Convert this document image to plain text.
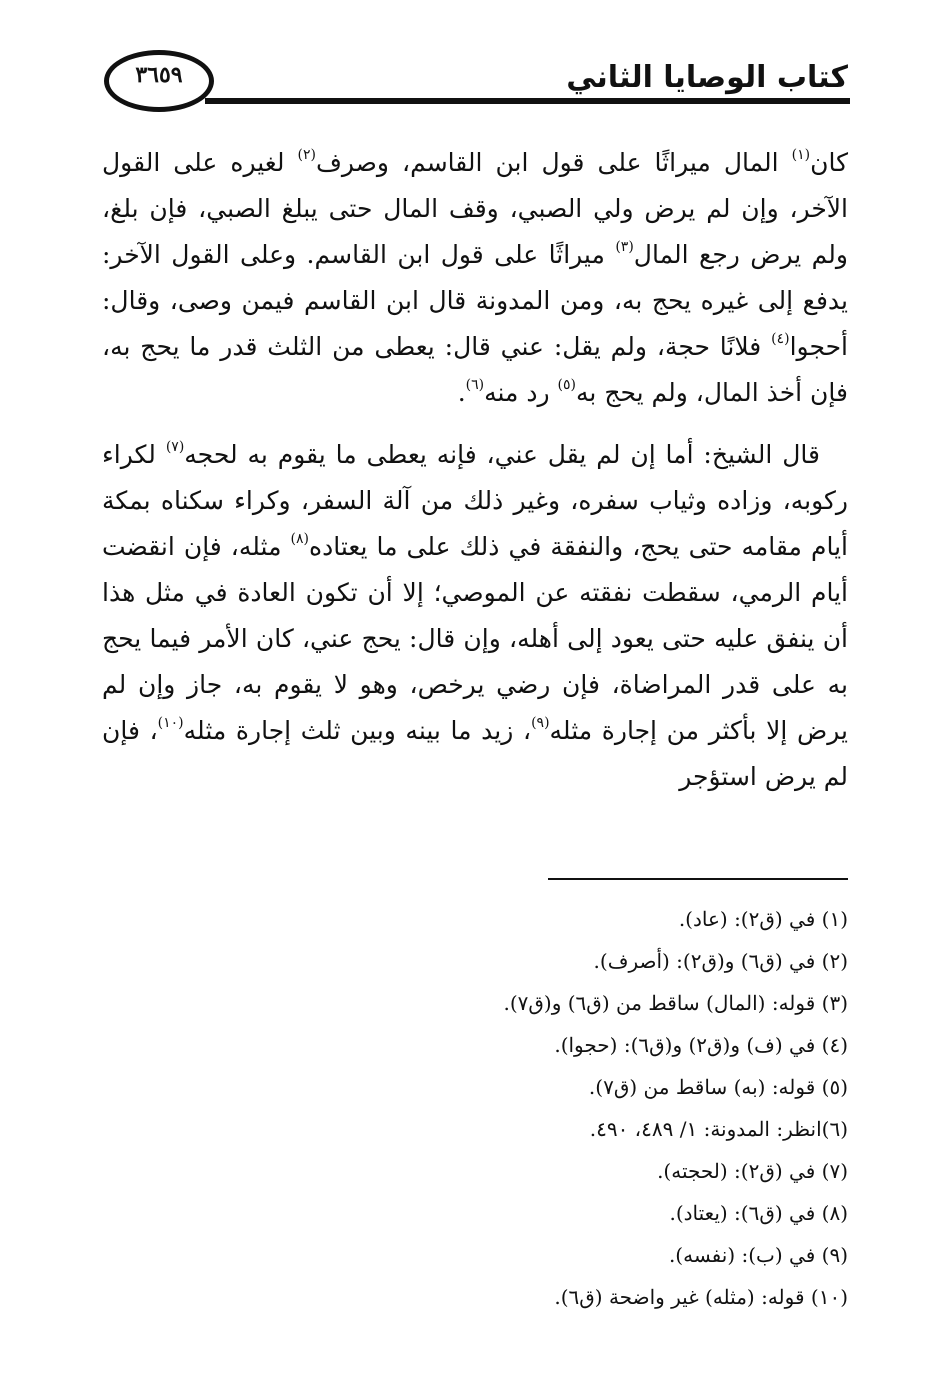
٣٦٥٩	كتاب الوصايا الثاني

كان$^{(١)}$ المال ميراثًا على قول ابن القاسم، وصرف$^{(٢)}$ لغيره على القول الآخر، وإن لم يرض ولي الصبي، وقف المال حتى يبلغ الصبي، فإن بلغ، ولم يرض رجع المال$^{(٣)}$ ميراثًا على قول ابن القاسم. وعلى القول الآخر: يدفع إلى غيره يحج به، ومن المدونة قال ابن القاسم فيمن وصى، وقال: أحجوا$^{(٤)}$ فلانًا حجة، ولم يقل: عني قال: يعطى من الثلث قدر ما يحج به، فإن أخذ المال، ولم يحج به$^{(٥)}$ رد منه$^{(٦)}$.

قال الشيخ: أما إن لم يقل عني، فإنه يعطى ما يقوم به لحجه$^{(٧)}$ لكراء ركوبه، وزاده وثياب سفره، وغير ذلك من آلة السفر، وكراء سكناه بمكة أيام مقامه حتى يحج، والنفقة في ذلك على ما يعتاده$^{(٨)}$ مثله، فإن انقضت أيام الرمي، سقطت نفقته عن الموصي؛ إلا أن تكون العادة في مثل هذا أن ينفق عليه حتى يعود إلى أهله، وإن قال: يحج عني، كان الأمر فيما يحج به على قدر المراضاة، فإن رضي يرخص، وهو لا يقوم به، جاز وإن لم يرض إلا بأكثر من إجارة مثله$^{(٩)}$، زيد ما بينه وبين ثلث إجارة مثله$^{(١٠)}$، فإن لم يرض استؤجر

(١) في (ق٢): (عاد).
(٢) في (ق٦) و(ق٢): (أصرف).
(٣) قوله: (المال) ساقط من (ق٦) و(ق٧).
(٤) في (ف) و(ق٢) و(ق٦): (حجوا).
(٥) قوله: (به) ساقط من (ق٧).
(٦)انظر: المدونة: ١/ ٤٨٩، ٤٩٠.
(٧) في (ق٢): (لحجته).
(٨) في (ق٦): (يعتاد).
(٩) في (ب): (نفسه).
(١٠) قوله: (مثله) غير واضحة (ق٦).
